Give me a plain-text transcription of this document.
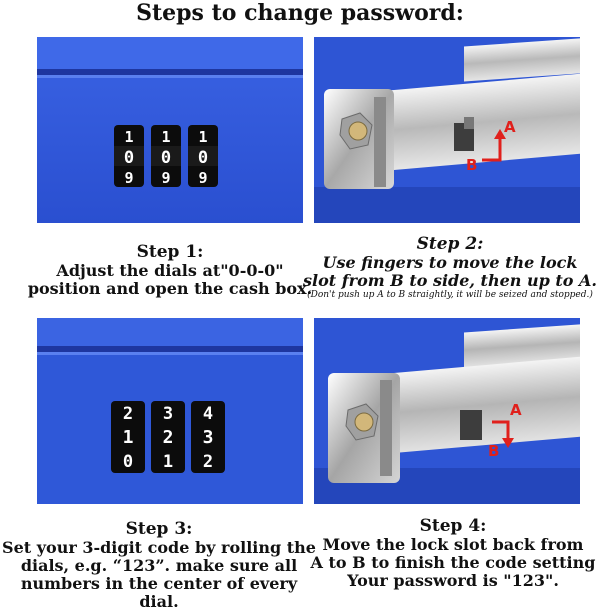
Steps to change password:
1
0
9
1
0
9
1
0
9
A
B
Step 1:
Adjust the dials at"0-0-0"
position and open the cash box.
Step 2:
Use fingers to move the lock
slot from B to side, then up to A.
(Don't push up A to B straightly, it will be seized and stopped.)
2
1
0
3
2
1
4
3
2
A
B
Step 3:
Set your 3-digit code by rolling the
dials, e.g. “123”. make sure all
numbers in the center of every dial.
Step 4:
Move the lock slot back from
A to B to finish the code setting
Your password is "123".
